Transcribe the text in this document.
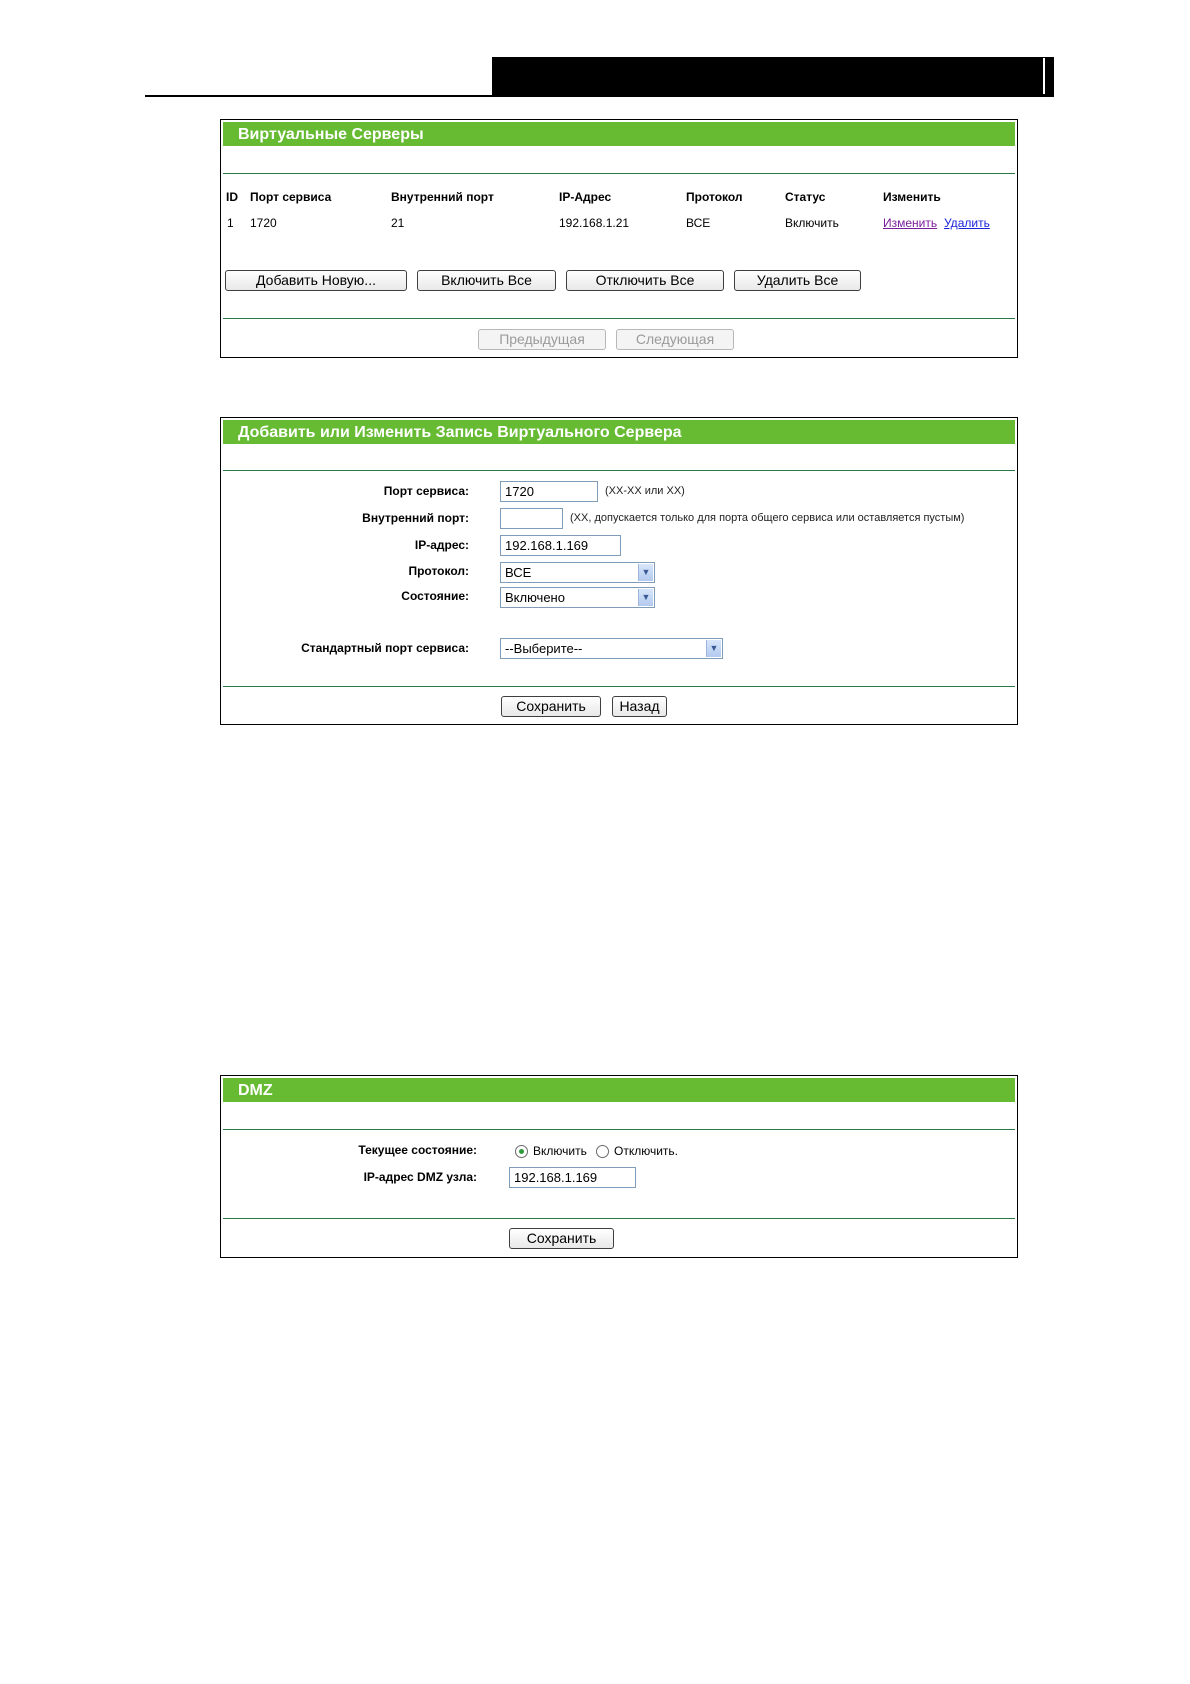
Виртуальные Серверы
ID Порт сервиса	Внутренний порт	IP-Адрес	Протокол	Статус	Изменить
1 1720	21	192.168.1.21	ВСЕ	Включить	Изменить Удалить
Добавить Новую...	Включить Все	Отключить Все	Удалить Все
Предыдущая	Следующая
Добавить или Изменить Запись Виртуального Сервера
Порт сервиса:	1720	(XX-XX или XX)
Внутренний порт:	(XX, допускается только для порта общего сервиса или оставляется пустым)
IP-адрес:	192.168.1.169
Протокол:	ВСЕ	▼
Состояние:	Включено	▼
Стандартный порт сервиса:	--Выберите--	▼
Сохранить	Назад
DMZ
Текущее состояние:	Включить Отключить.
IP-адрес DMZ узла:	192.168.1.169
Сохранить
